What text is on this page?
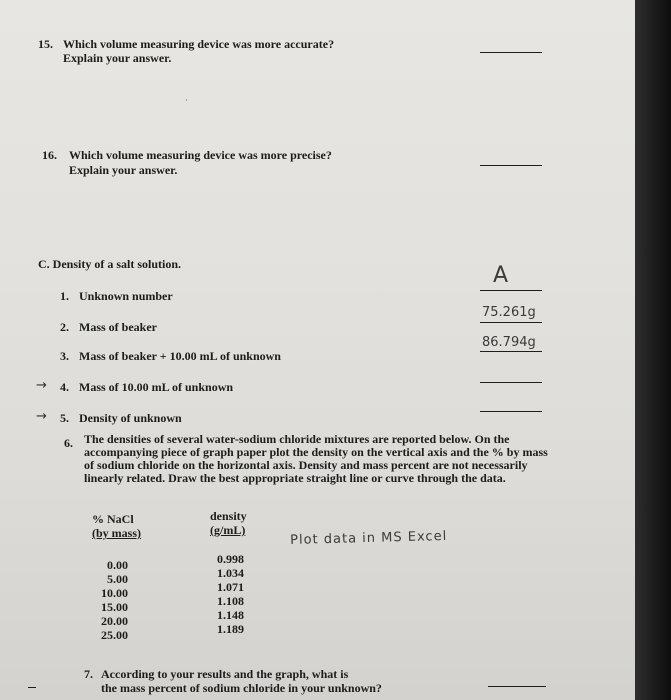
15. Which volume measuring device was more accurate?
Explain your answer.
·
16. Which volume measuring device was more precise?
Explain your answer.
C. Density of a salt solution.
1. Unknown number
A
2. Mass of beaker
75.261g
3. Mass of beaker + 10.00 mL of unknown
86.794g
→ 4. Mass of 10.00 mL of unknown
→ 5. Density of unknown
6. The densities of several water-sodium chloride mixtures are reported below. On the
accompanying piece of graph paper plot the density on the vertical axis and the % by mass
of sodium chloride on the horizontal axis. Density and mass percent are not necessarily
linearly related. Draw the best appropriate straight line or curve through the data.
% NaCl
(by mass)
density
(g/mL)
0.00
5.00
10.00
15.00
20.00
25.00
0.998
1.034
1.071
1.108
1.148
1.189
Plot data in MS Excel
7. According to your results and the graph, what is
the mass percent of sodium chloride in your unknown?
